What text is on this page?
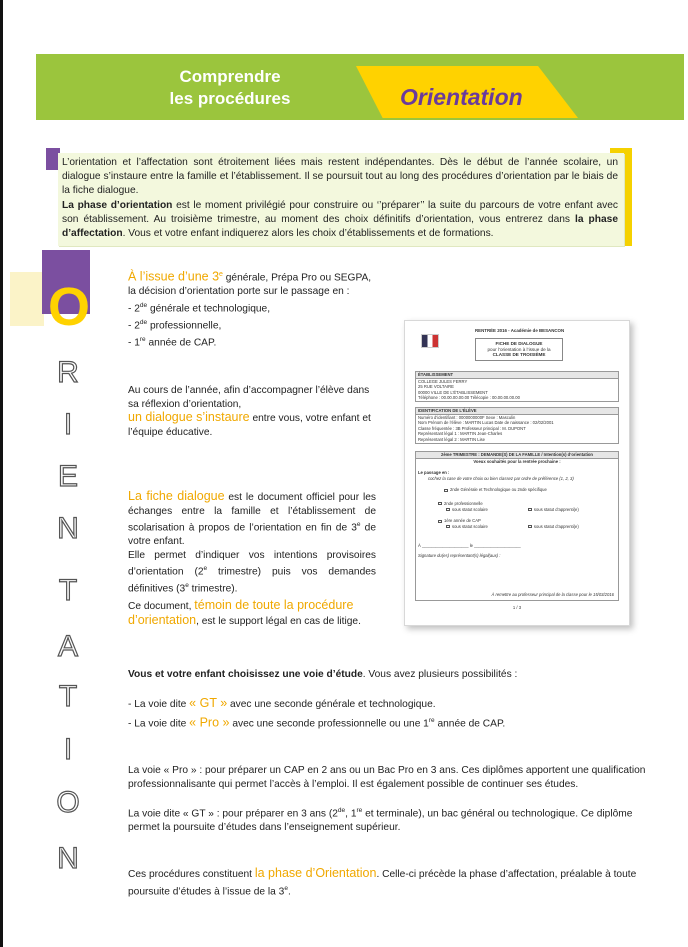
Comprendre
les procédures	Orientation

L’orientation et l’affectation sont étroitement liées mais restent indépendantes. Dès le début de l’année scolaire, un dialogue s’instaure entre la famille et l’établissement. Il se poursuit tout au long des procédures d’orientation par le biais de la fiche dialogue.

La phase d’orientation est le moment privilégié pour construire ou ‘’préparer’’ la suite du parcours de votre enfant avec son établissement. Au troisième trimestre, au moment des choix définitifs d’orientation, vous entrerez dans la phase d’affectation. Vous et votre enfant indiquerez alors les choix d’établissements et de formations.

O
R
I
E
N
T
A
T
I
O
N
À l’issue d’une 3e générale, Prépa Pro ou SEGPA, la décision d’orientation porte sur le passage en :
- 2de générale et technologique,
- 2de professionnelle,
- 1re année de CAP.
Au cours de l’année, afin d’accompagner l’élève dans sa réflexion d’orientation,
un dialogue s’instaure entre vous, votre enfant et l’équipe éducative.
La fiche dialogue est le document officiel pour les échanges entre la famille et l’établissement de scolarisation à propos de l’orientation en fin de 3e de votre enfant.
Elle permet d’indiquer vos intentions provisoires d’orientation (2e trimestre) puis vos demandes définitives (3e trimestre).
Ce document, témoin de toute la procédure d’orientation, est le support légal en cas de litige.
RENTRÉE 2016 - Académie de BESANCON
FICHE DE DIALOGUE
pour l’orientation à l’issue de la
CLASSE DE TROISIÈME
ÉTABLISSEMENT
COLLEGE JULES FERRY
25 RUE VOLTAIRE
00000 VILLE DE L’ÉTABLISSEMENT
Téléphone : 00.00.00.00.00 Télécopie : 00.00.00.00.00
IDENTIFICATION DE L’ÉLÈVE
Numéro d’identifiant : 0000000000F Sexe : Masculin
Nom Prénom de l’élève : MARTIN Lucas Date de naissance : 02/02/2001
Classe fréquentée : 3B Professeur principal : M. DUPONT
Représentant légal 1 : MARTIN Jean-Charles
Représentant légal 2 : MARTIN Lise
2ème TRIMESTRE : DEMANDE(S) DE LA FAMILLE / Intention(s) d’orientation
Voeux souhaités pour la rentrée prochaine :
Le passage en :
cochez la case de votre choix ou bien classez par ordre de préférence (1, 2, 3)
2nde Générale et Technologique ou 2nde spécifique
2nde professionnelle
sous statut scolaire	sous statut d’apprenti(e)
1ère année de CAP
sous statut scolaire	sous statut d’apprenti(e)
À ____________________ le ____________________
Signature du(es) représentant(s) légal(aux) :
À remettre au professeur principal de la classe pour le 15/03/2016
1 / 3
Vous et votre enfant choisissez une voie d’étude. Vous avez plusieurs possibilités :
- La voie dite « GT » avec une seconde générale et technologique.
- La voie dite « Pro » avec une seconde professionnelle ou une 1re année de CAP.
La voie « Pro » : pour préparer un CAP en 2 ans ou un Bac Pro en 3 ans. Ces diplômes apportent une qualification professionnalisante qui permet l’accès à l’emploi. Il est également possible de continuer ses études.
La voie dite « GT » : pour préparer en 3 ans (2de, 1re et terminale), un bac général ou technologique. Ce diplôme permet la poursuite d’études dans l’enseignement supérieur.
Ces procédures constituent la phase d’Orientation. Celle-ci précède la phase d’affectation, préalable à toute poursuite d’études à l’issue de la 3e.
